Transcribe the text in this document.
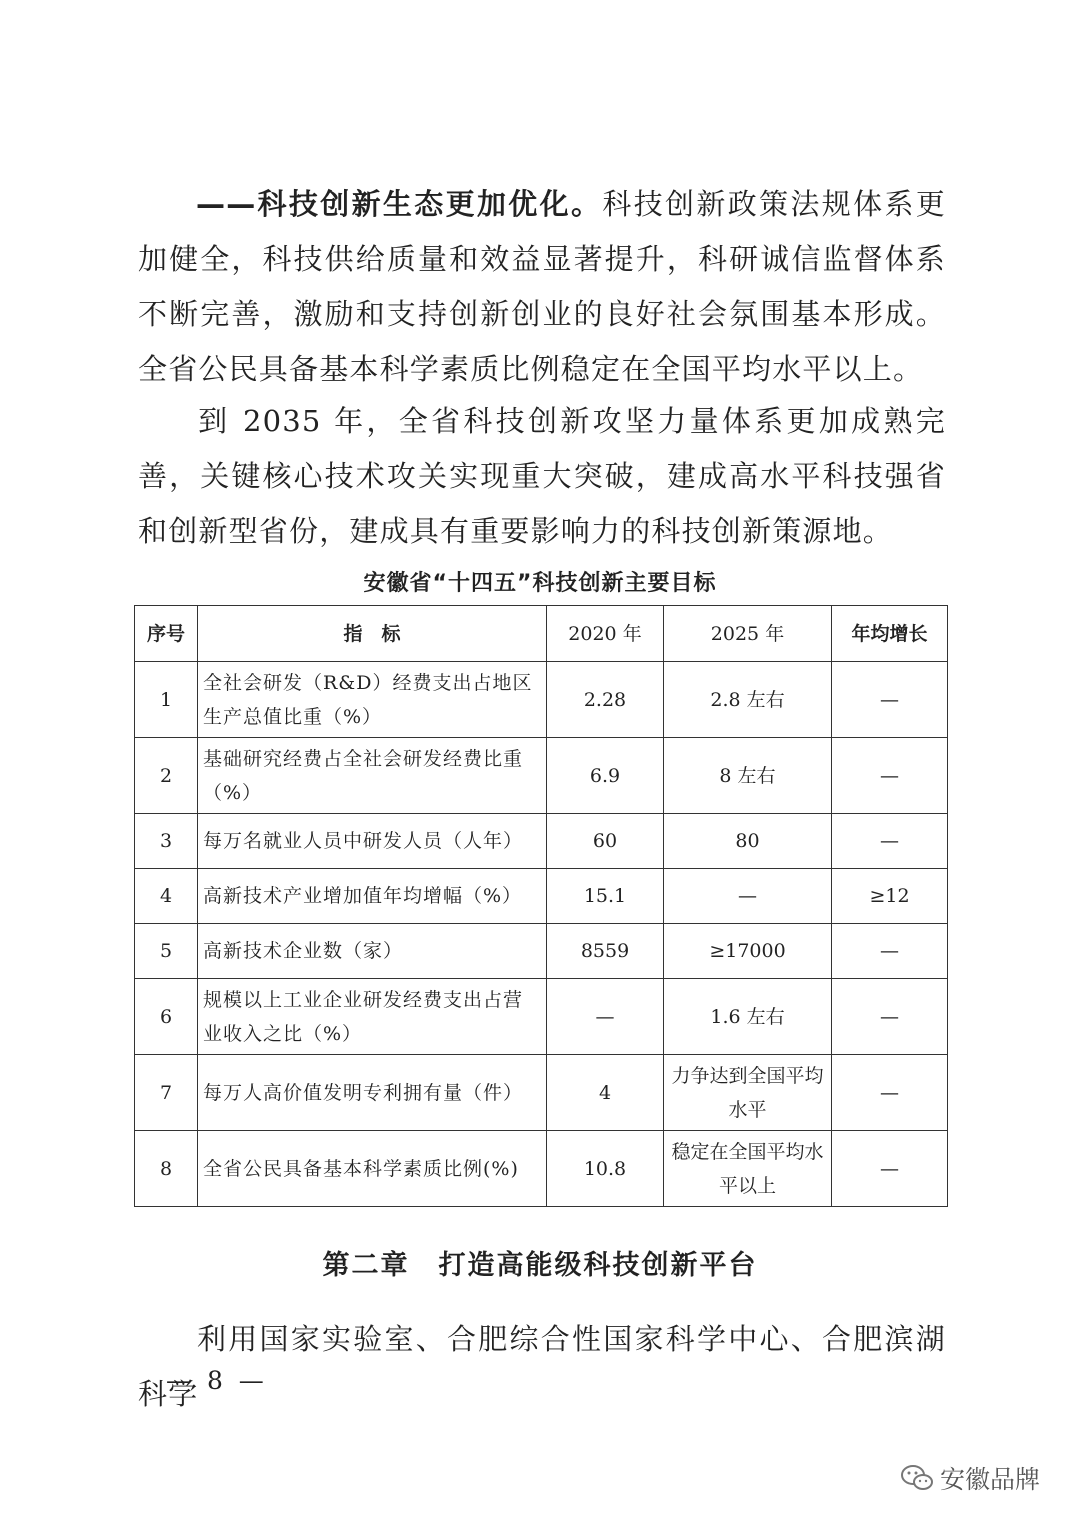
——科技创新生态更加优化。科技创新政策法规体系更加健全，科技供给质量和效益显著提升，科研诚信监督体系不断完善，激励和支持创新创业的良好社会氛围基本形成。全省公民具备基本科学素质比例稳定在全国平均水平以上。

到 2035 年，全省科技创新攻坚力量体系更加成熟完善，关键核心技术攻关实现重大突破，建成高水平科技强省和创新型省份，建成具有重要影响力的科技创新策源地。

安徽省“十四五”科技创新主要目标
序号	指　标	2020 年	2025 年	年均增长
1	全社会研发（R&D）经费支出占地区生产总值比重（%）	2.28	2.8 左右	—
2	基础研究经费占全社会研发经费比重（%）	6.9	8 左右	—
3	每万名就业人员中研发人员（人年）	60	80	—
4	高新技术产业增加值年均增幅（%）	15.1	—	≥12
5	高新技术企业数（家）	8559	≥17000	—
6	规模以上工业企业研发经费支出占营业收入之比（%）	—	1.6 左右	—
7	每万人高价值发明专利拥有量（件）	4	力争达到全国平均水平	—
8	全省公民具备基本科学素质比例(%)	10.8	稳定在全国平均水平以上	—
第二章　打造高能级科技创新平台

利用国家实验室、合肥综合性国家科学中心、合肥滨湖科学

— 8 —
安徽品牌
